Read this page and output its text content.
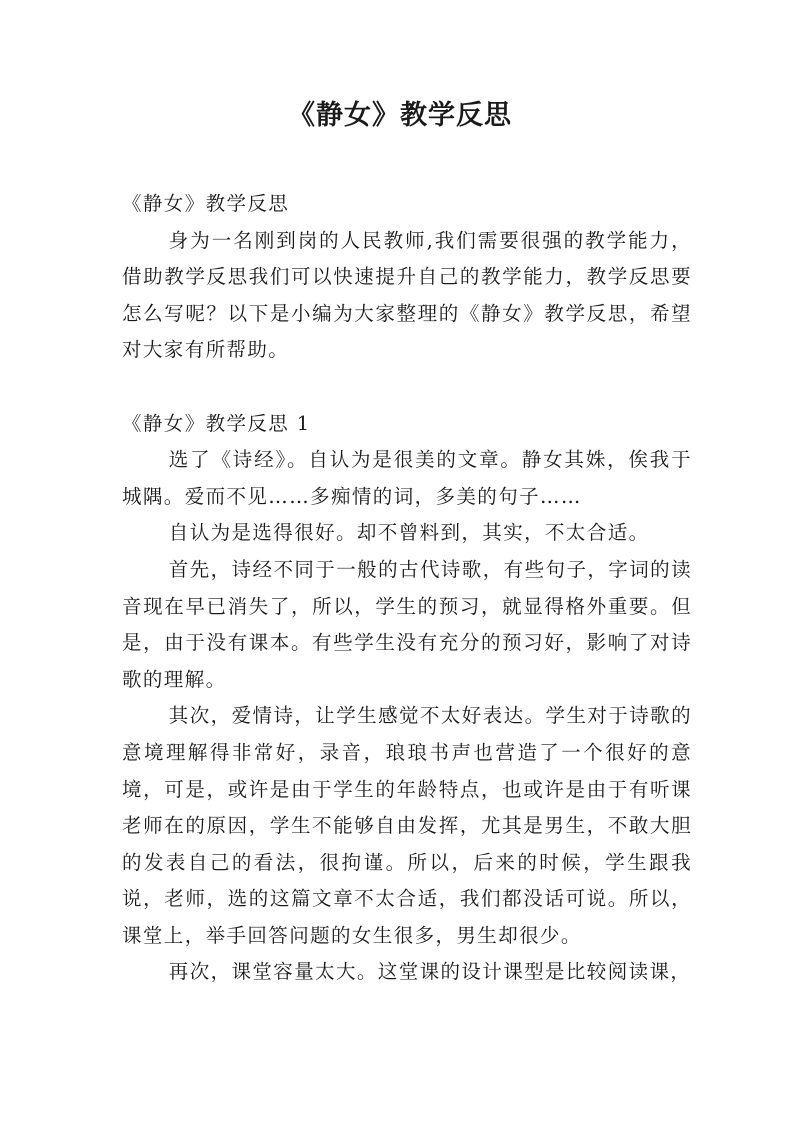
《静女》教学反思

《静女》教学反思

身为一名刚到岗的人民教师,我们需要很强的教学能力，借助教学反思我们可以快速提升自己的教学能力，教学反思要怎么写呢？以下是小编为大家整理的《静女》教学反思，希望对大家有所帮助。

《静女》教学反思 1

选了《诗经》。自认为是很美的文章。静女其姝，俟我于城隅。爱而不见……多痴情的词，多美的句子……

自认为是选得很好。却不曾料到，其实，不太合适。

首先，诗经不同于一般的古代诗歌，有些句子，字词的读音现在早已消失了，所以，学生的预习，就显得格外重要。但是，由于没有课本。有些学生没有充分的预习好，影响了对诗歌的理解。

其次，爱情诗，让学生感觉不太好表达。学生对于诗歌的意境理解得非常好，录音，琅琅书声也营造了一个很好的意境，可是，或许是由于学生的年龄特点，也或许是由于有听课老师在的原因，学生不能够自由发挥，尤其是男生，不敢大胆的发表自己的看法，很拘谨。所以，后来的时候，学生跟我说，老师，选的这篇文章不太合适，我们都没话可说。所以，课堂上，举手回答问题的女生很多，男生却很少。

再次，课堂容量太大。这堂课的设计课型是比较阅读课，
